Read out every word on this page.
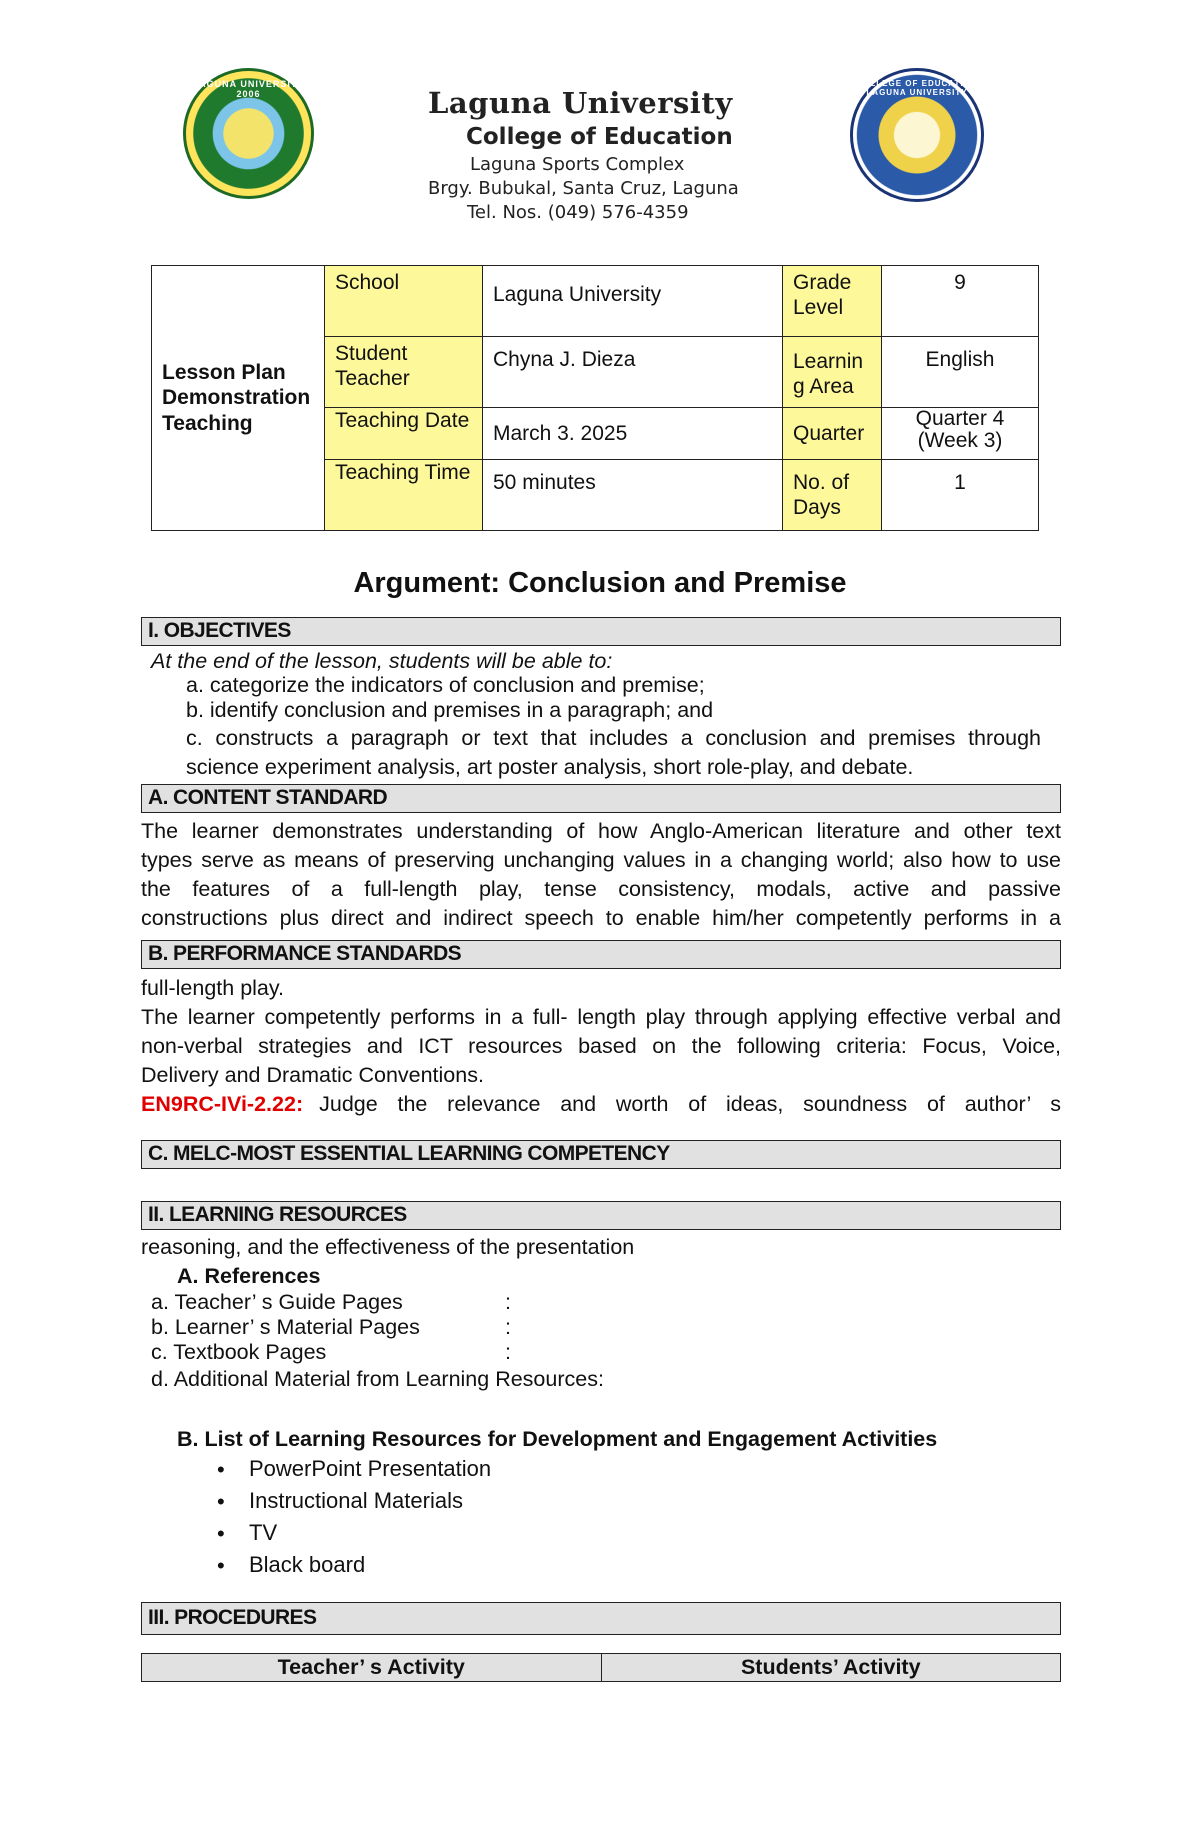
LAGUNA UNIVERSITY 2006	Laguna University
College of Education
Laguna Sports Complex
Brgy. Bubukal, Santa Cruz, Laguna
Tel. Nos. (049) 576-4359
COLLEGE OF EDUCATION LAGUNA UNIVERSITY
Lesson Plan Demonstration Teaching	School	Laguna University	Grade Level	9
	Student Teacher	Chyna J. Dieza	Learnin g Area	English
	Teaching Date	March 3. 2025	Quarter	Quarter 4 (Week 3)
	Teaching Time	50 minutes	No. of Days	1
Argument: Conclusion and Premise
I. OBJECTIVES
At the end of the lesson, students will be able to:
a. categorize the indicators of conclusion and premise;
b. identify conclusion and premises in a paragraph; and
c. constructs a paragraph or text that includes a conclusion and premises through
science experiment analysis, art poster analysis, short role-play, and debate.
A. CONTENT STANDARD
The learner demonstrates understanding of how Anglo-American literature and other text
types serve as means of preserving unchanging values in a changing world; also how to use
the features of a full-length play, tense consistency, modals, active and passive
constructions plus direct and indirect speech to enable him/her competently performs in a
B. PERFORMANCE STANDARDS
full-length play.
The learner competently performs in a full- length play through applying effective verbal and
non-verbal strategies and ICT resources based on the following criteria: Focus, Voice,
Delivery and Dramatic Conventions.
EN9RC-IVi-2.22: Judge the relevance and worth of ideas, soundness of author’ s
C. MELC-MOST ESSENTIAL LEARNING COMPETENCY
II. LEARNING RESOURCES
reasoning, and the effectiveness of the presentation
A. References
a. Teacher’ s Guide Pages	:
b. Learner’ s Material Pages	:
c. Textbook Pages	:
d. Additional Material from Learning Resources:
B. List of Learning Resources for Development and Engagement Activities
• PowerPoint Presentation
• Instructional Materials
• TV
• Black board
III. PROCEDURES
Teacher’ s Activity	Students’ Activity
